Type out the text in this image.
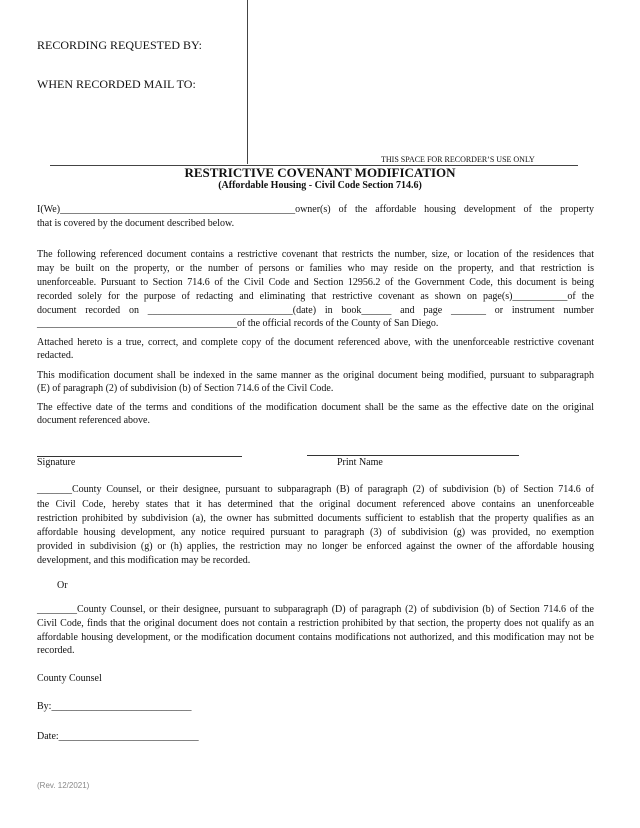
RECORDING REQUESTED BY:
WHEN RECORDED MAIL TO:
THIS SPACE FOR RECORDER’S USE ONLY
RESTRICTIVE COVENANT MODIFICATION
(Affordable Housing - Civil Code Section 714.6)
I(We)_______________________________________________owner(s) of the affordable housing development of the property
that is covered by the document described below.
The following referenced document contains a restrictive covenant that restricts the number, size, or location of the residences that
may be built on the property, or the number of persons or families who may reside on the property, and that restriction is
unenforceable. Pursuant to Section 714.6 of the Civil Code and Section 12956.2 of the Government Code, this document is being
recorded solely for the purpose of redacting and eliminating that restrictive covenant as shown on page(s)___________of the
document recorded on _____________________________(date) in book______ and page _______ or instrument number
________________________________________of the official records of the County of San Diego.
Attached hereto is a true, correct, and complete copy of the document referenced above, with the unenforceable restrictive covenant
redacted.
This modification document shall be indexed in the same manner as the original document being modified, pursuant to subparagraph
(E) of paragraph (2) of subdivision (b) of Section 714.6 of the Civil Code.
The effective date of the terms and conditions of the modification document shall be the same as the effective date on the original
document referenced above.
_______County Counsel, or their designee, pursuant to subparagraph (B) of paragraph (2) of subdivision (b) of Section 714.6 of
the Civil Code, hereby states that it has determined that the original document referenced above contains an unenforceable
restriction prohibited by subdivision (a), the owner has submitted documents sufficient to establish that the property qualifies as an
affordable housing development, any notice required pursuant to paragraph (3) of subdivision (g) was provided, no exemption
provided in subdivision (g) or (h) applies, the restriction may no longer be enforced against the owner of the affordable housing
development, and this modification may be recorded.
Or
________County Counsel, or their designee, pursuant to subparagraph (D) of paragraph (2) of subdivision (b) of Section 714.6 of the
Civil Code, finds that the original document does not contain a restriction prohibited by that section, the property does not qualify as an
affordable housing development, or the modification document contains modifications not authorized, and this modification may not be
recorded.
County Counsel
By:____________________________
Date:____________________________
Signature	Print Name
(Rev. 12/2021)
